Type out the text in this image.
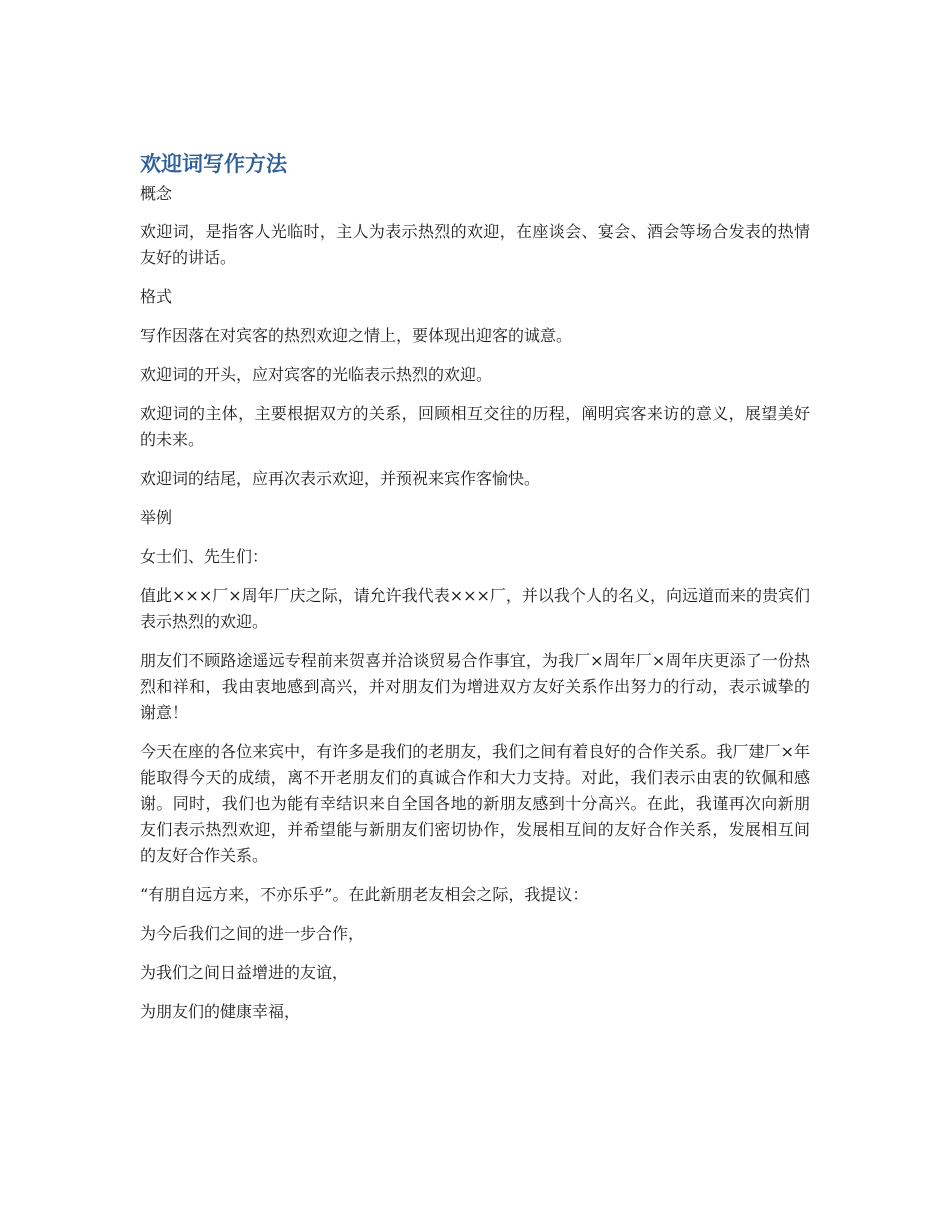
欢迎词写作方法

概念

欢迎词，是指客人光临时，主人为表示热烈的欢迎，在座谈会、宴会、酒会等场合发表的热情友好的讲话。

格式

写作因落在对宾客的热烈欢迎之情上，要体现出迎客的诚意。

欢迎词的开头，应对宾客的光临表示热烈的欢迎。

欢迎词的主体，主要根据双方的关系，回顾相互交往的历程，阐明宾客来访的意义，展望美好的未来。

欢迎词的结尾，应再次表示欢迎，并预祝来宾作客愉快。

举例

女士们、先生们：

值此×××厂×周年厂庆之际，请允许我代表×××厂，并以我个人的名义，向远道而来的贵宾们表示热烈的欢迎。

朋友们不顾路途遥远专程前来贺喜并洽谈贸易合作事宜，为我厂×周年厂×周年庆更添了一份热烈和祥和，我由衷地感到高兴，并对朋友们为增进双方友好关系作出努力的行动，表示诚挚的谢意！

今天在座的各位来宾中，有许多是我们的老朋友，我们之间有着良好的合作关系。我厂建厂×年能取得今天的成绩，离不开老朋友们的真诚合作和大力支持。对此，我们表示由衷的钦佩和感谢。同时，我们也为能有幸结识来自全国各地的新朋友感到十分高兴。在此，我谨再次向新朋友们表示热烈欢迎，并希望能与新朋友们密切协作，发展相互间的友好合作关系，发展相互间的友好合作关系。

“有朋自远方来，不亦乐乎”。在此新朋老友相会之际，我提议：

为今后我们之间的进一步合作，

为我们之间日益增进的友谊，

为朋友们的健康幸福，
